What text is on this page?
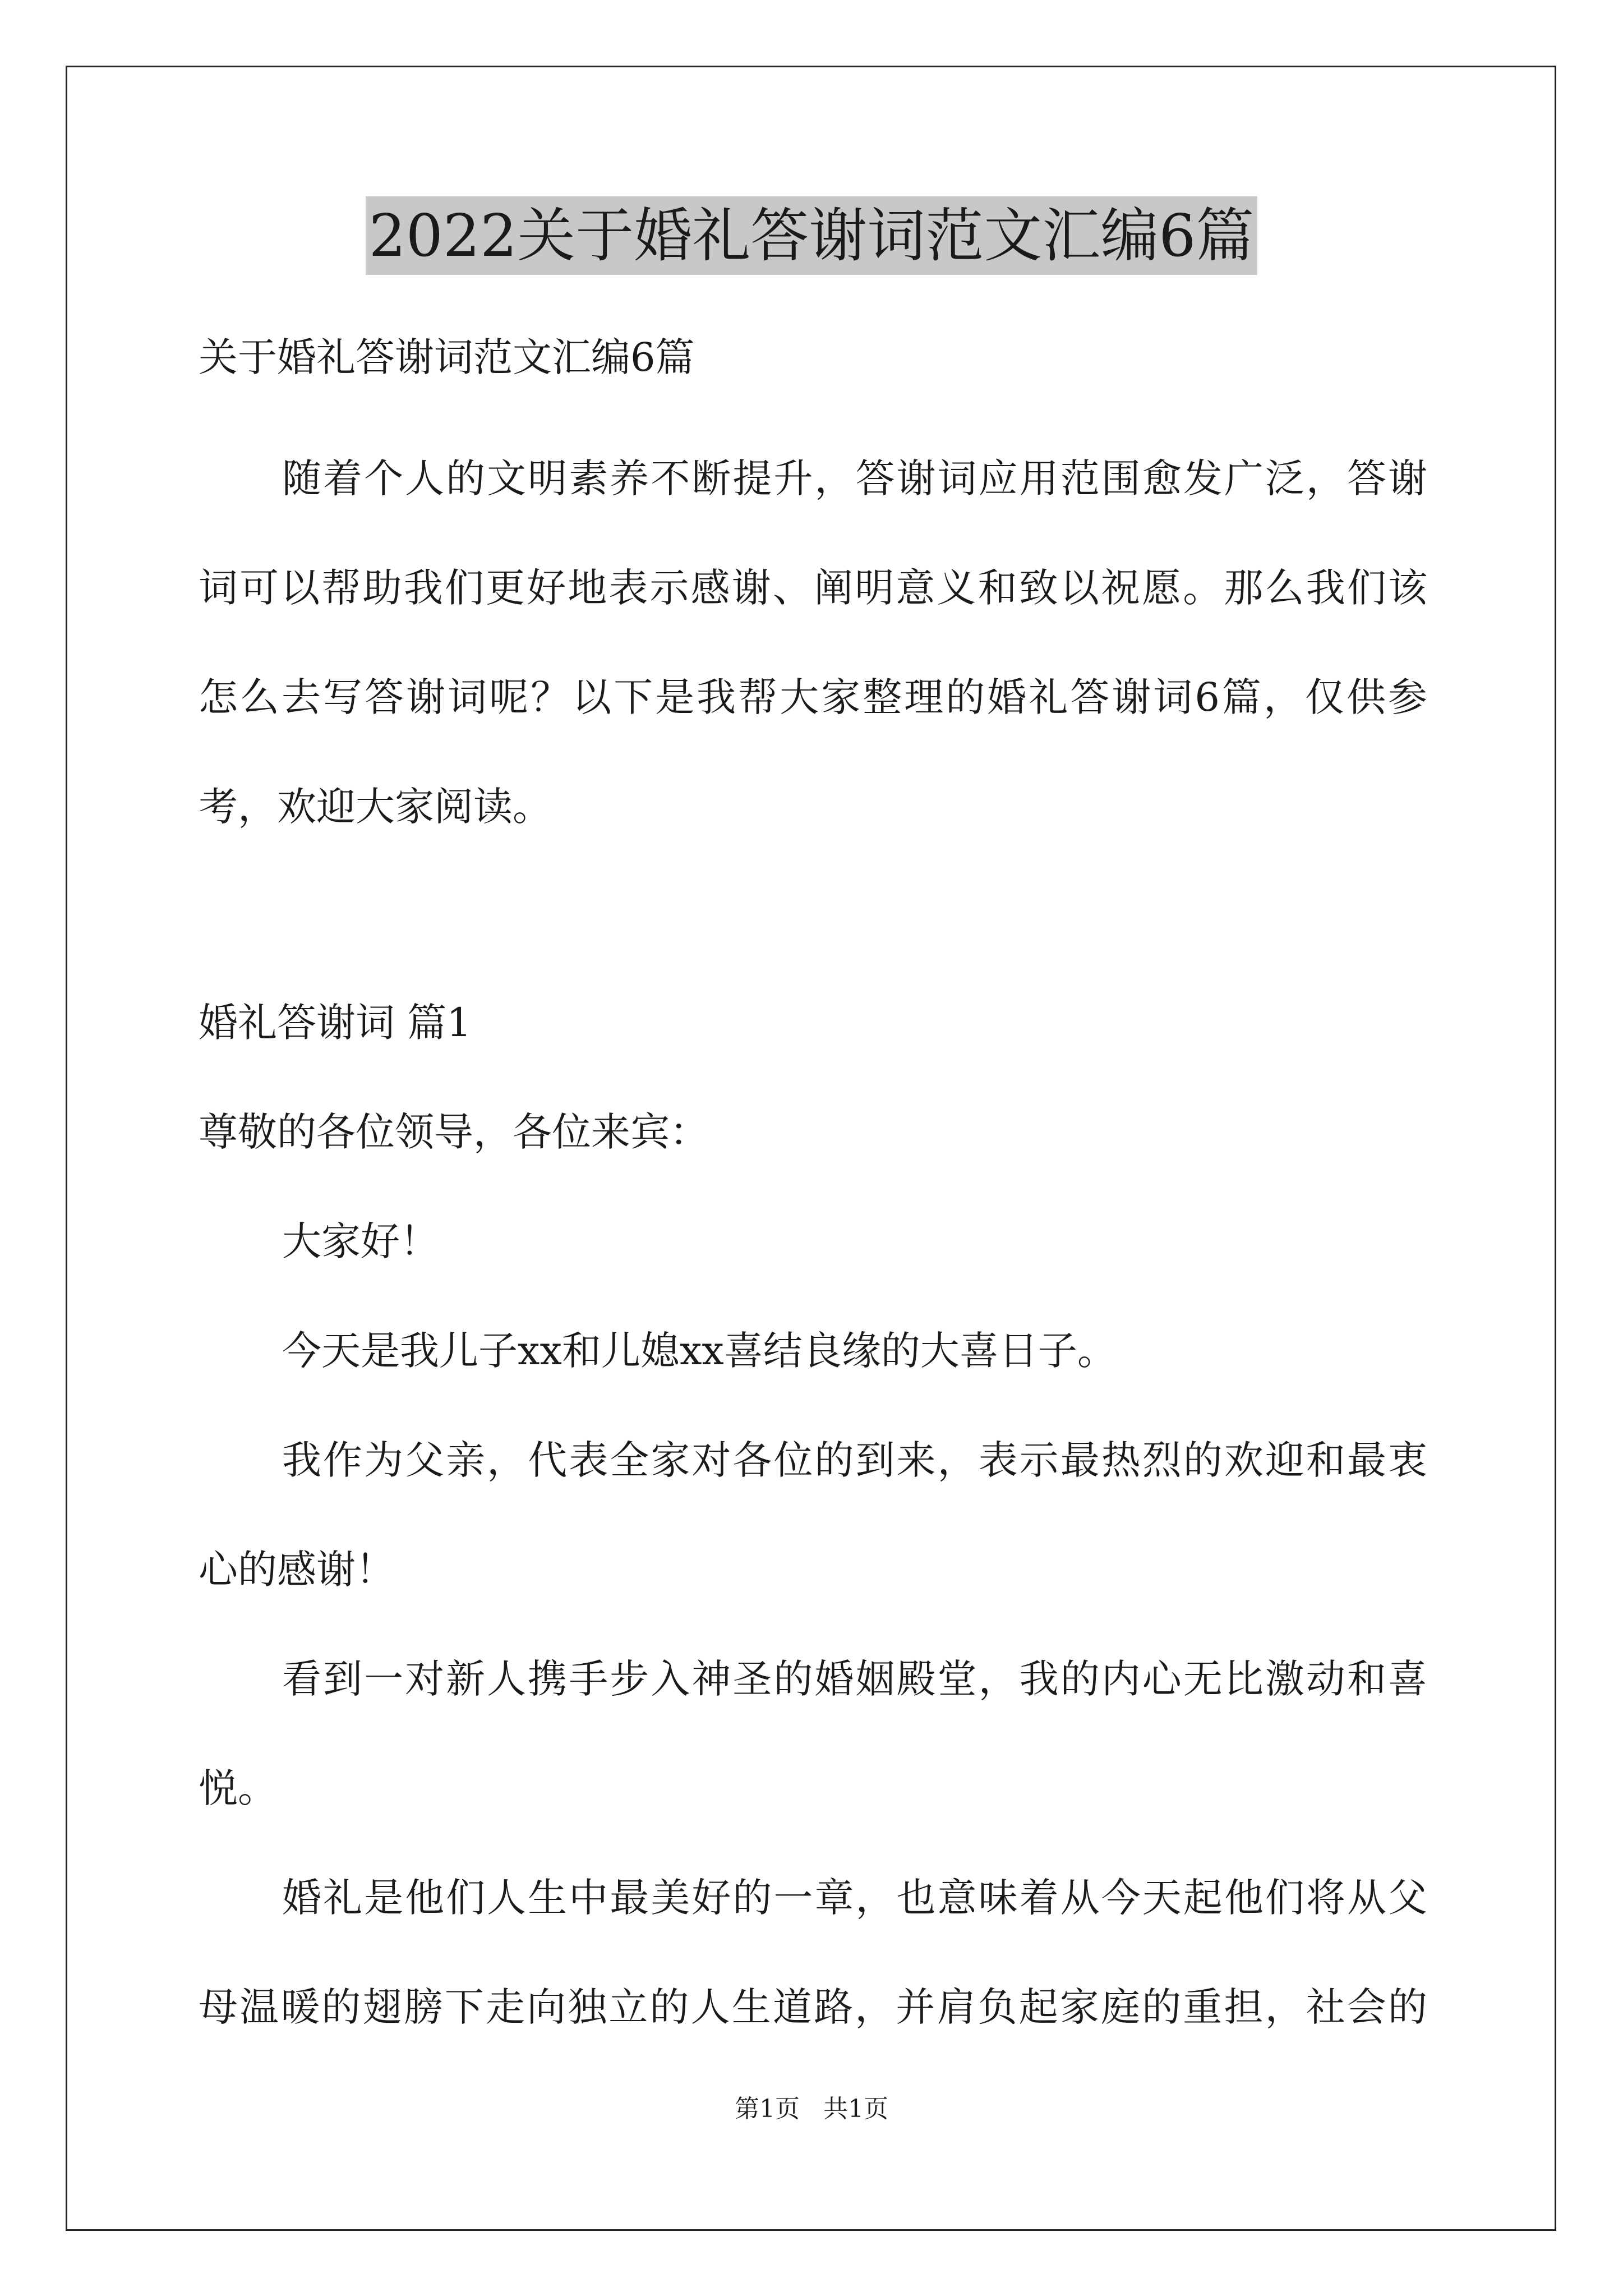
2022关于婚礼答谢词范文汇编6篇
关于婚礼答谢词范文汇编6篇
随着个人的文明素养不断提升，答谢词应用范围愈发广泛，答谢
词可以帮助我们更好地表示感谢、阐明意义和致以祝愿。那么我们该
怎么去写答谢词呢？以下是我帮大家整理的婚礼答谢词6篇，仅供参
考，欢迎大家阅读。
婚礼答谢词 篇1
尊敬的各位领导，各位来宾：
大家好！
今天是我儿子xx和儿媳xx喜结良缘的大喜日子。
我作为父亲，代表全家对各位的到来，表示最热烈的欢迎和最衷
心的感谢！
看到一对新人携手步入神圣的婚姻殿堂，我的内心无比激动和喜
悦。
婚礼是他们人生中最美好的一章，也意味着从今天起他们将从父
母温暖的翅膀下走向独立的人生道路，并肩负起家庭的重担，社会的
第1页 共1页
